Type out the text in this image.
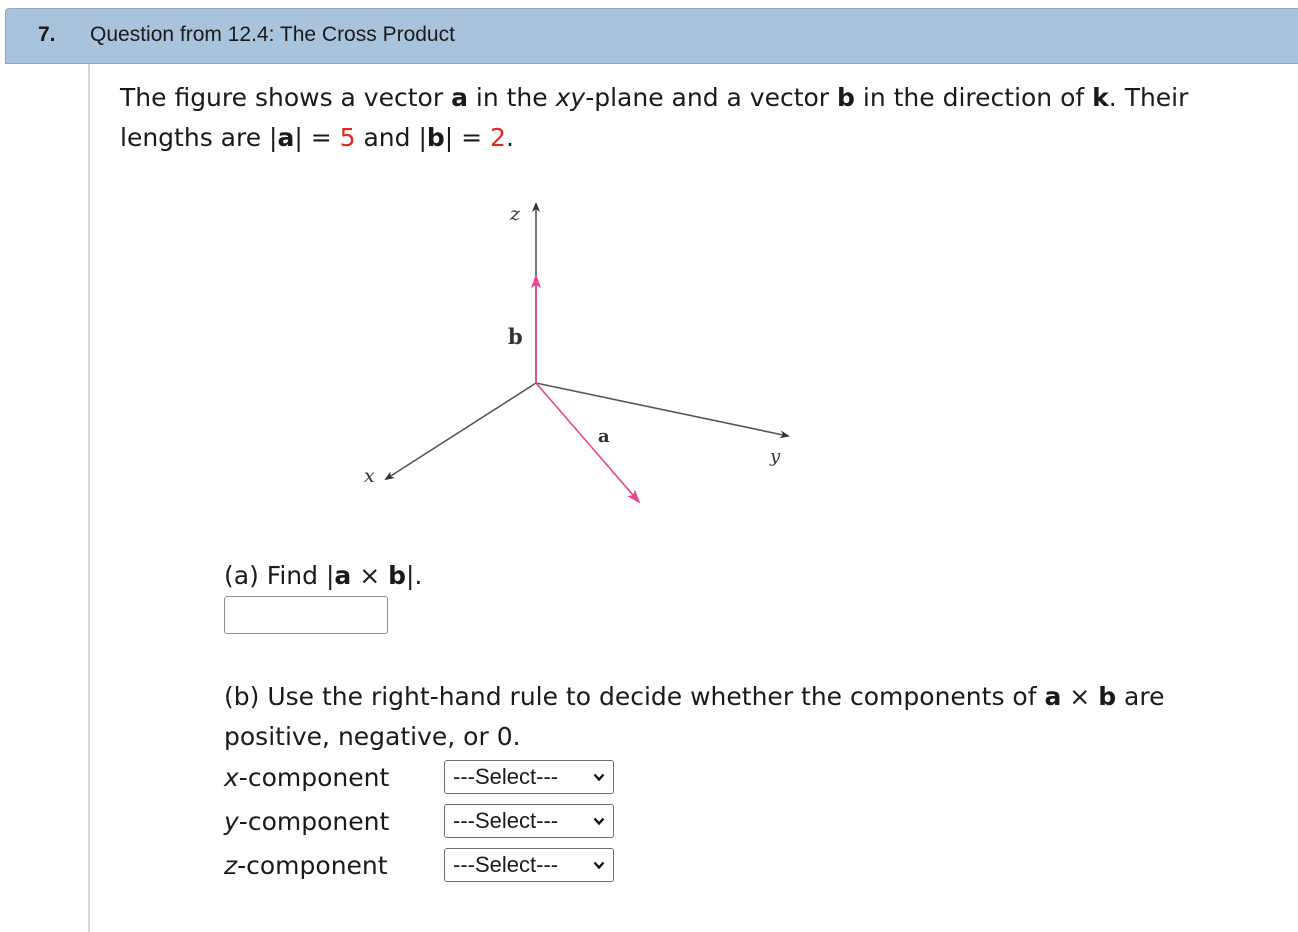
7. Question from 12.4: The Cross Product
The figure shows a vector a in the xy-plane and a vector b in the direction of k. Their lengths are |a| = 5 and |b| = 2.
z
x
y
b
a
(a) Find |a × b|.
(b) Use the right-hand rule to decide whether the components of a × b are positive, negative, or 0.
x-component	---Select---
y-component	---Select---
z-component	---Select---
